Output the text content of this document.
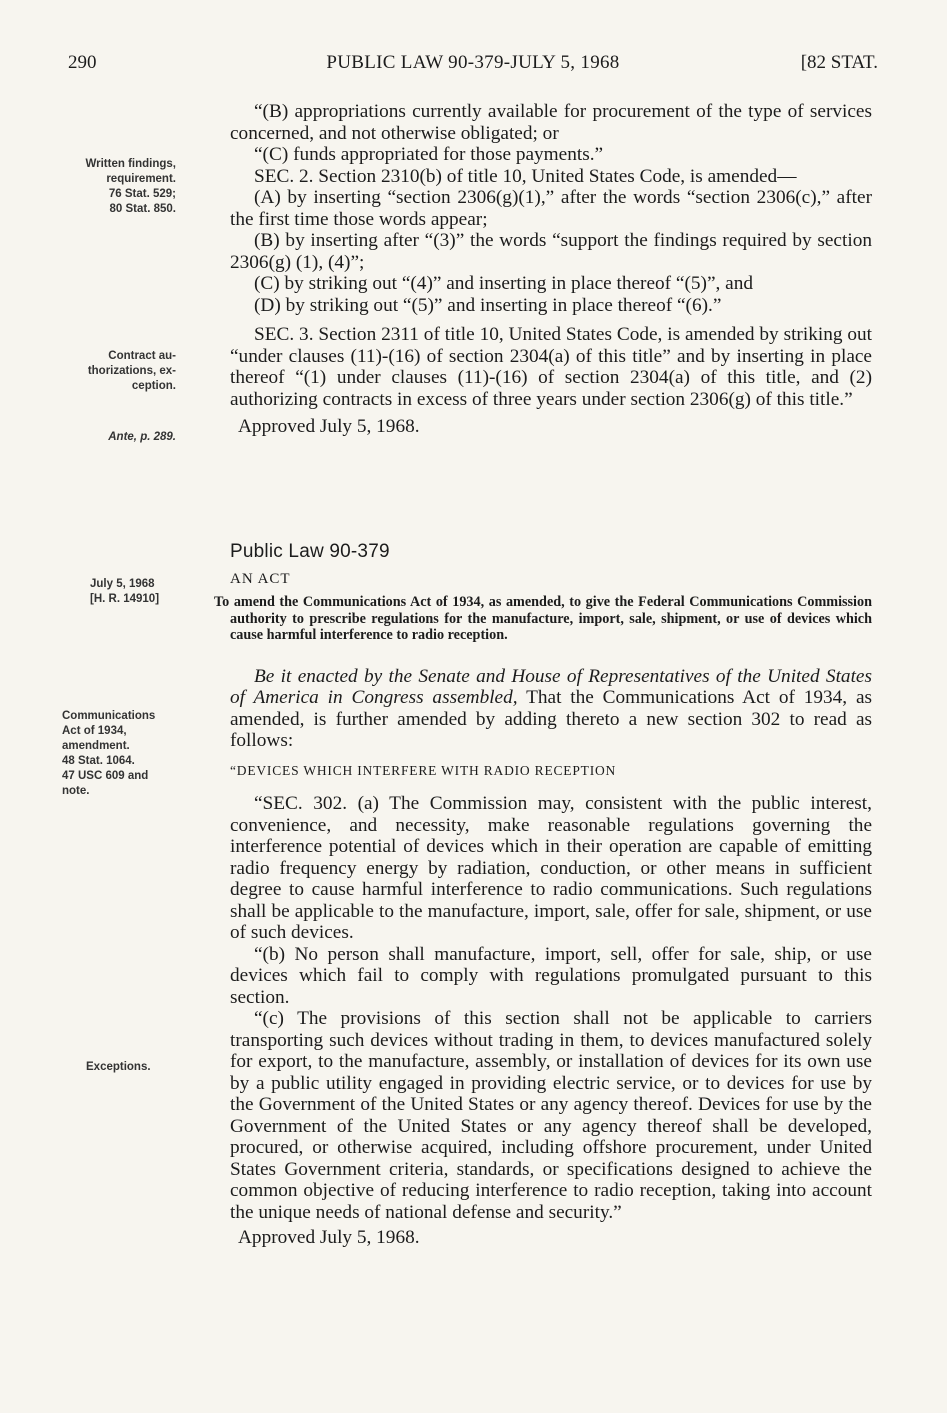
290	PUBLIC LAW 90-379-JULY 5, 1968	[82 STAT.
Written findings,
requirement.
76 Stat. 529;
80 Stat. 850.
Contract au-
thorizations, ex-
ception.
Ante, p. 289.
July 5, 1968
[H. R. 14910]
Communications
Act of 1934,
amendment.
48 Stat. 1064.
47 USC 609 and
note.
Exceptions.

“(B) appropriations currently available for procurement of the type of services concerned, and not otherwise obligated; or

“(C) funds appropriated for those payments.”

SEC. 2. Section 2310(b) of title 10, United States Code, is amended—

(A) by inserting “section 2306(g)(1),” after the words “section 2306(c),” after the first time those words appear;

(B) by inserting after “(3)” the words “support the findings required by section 2306(g) (1), (4)”;

(C) by striking out “(4)” and inserting in place thereof “(5)”, and

(D) by striking out “(5)” and inserting in place thereof “(6).”

SEC. 3. Section 2311 of title 10, United States Code, is amended by striking out “under clauses (11)-(16) of section 2304(a) of this title” and by inserting in place thereof “(1) under clauses (11)-(16) of section 2304(a) of this title, and (2) authorizing contracts in excess of three years under section 2306(g) of this title.”

Approved July 5, 1968.

Public Law 90-379

AN ACT

To amend the Communications Act of 1934, as amended, to give the Federal Communications Commission authority to prescribe regulations for the manufacture, import, sale, shipment, or use of devices which cause harmful interference to radio reception.

Be it enacted by the Senate and House of Representatives of the United States of America in Congress assembled, That the Communications Act of 1934, as amended, is further amended by adding thereto a new section 302 to read as follows:

“DEVICES WHICH INTERFERE WITH RADIO RECEPTION

“SEC. 302. (a) The Commission may, consistent with the public interest, convenience, and necessity, make reasonable regulations governing the interference potential of devices which in their operation are capable of emitting radio frequency energy by radiation, conduction, or other means in sufficient degree to cause harmful interference to radio communications. Such regulations shall be applicable to the manufacture, import, sale, offer for sale, shipment, or use of such devices.

“(b) No person shall manufacture, import, sell, offer for sale, ship, or use devices which fail to comply with regulations promulgated pursuant to this section.

“(c) The provisions of this section shall not be applicable to carriers transporting such devices without trading in them, to devices manufactured solely for export, to the manufacture, assembly, or installation of devices for its own use by a public utility engaged in providing electric service, or to devices for use by the Government of the United States or any agency thereof. Devices for use by the Government of the United States or any agency thereof shall be developed, procured, or otherwise acquired, including offshore procurement, under United States Government criteria, standards, or specifications designed to achieve the common objective of reducing interference to radio reception, taking into account the unique needs of national defense and security.”

Approved July 5, 1968.
